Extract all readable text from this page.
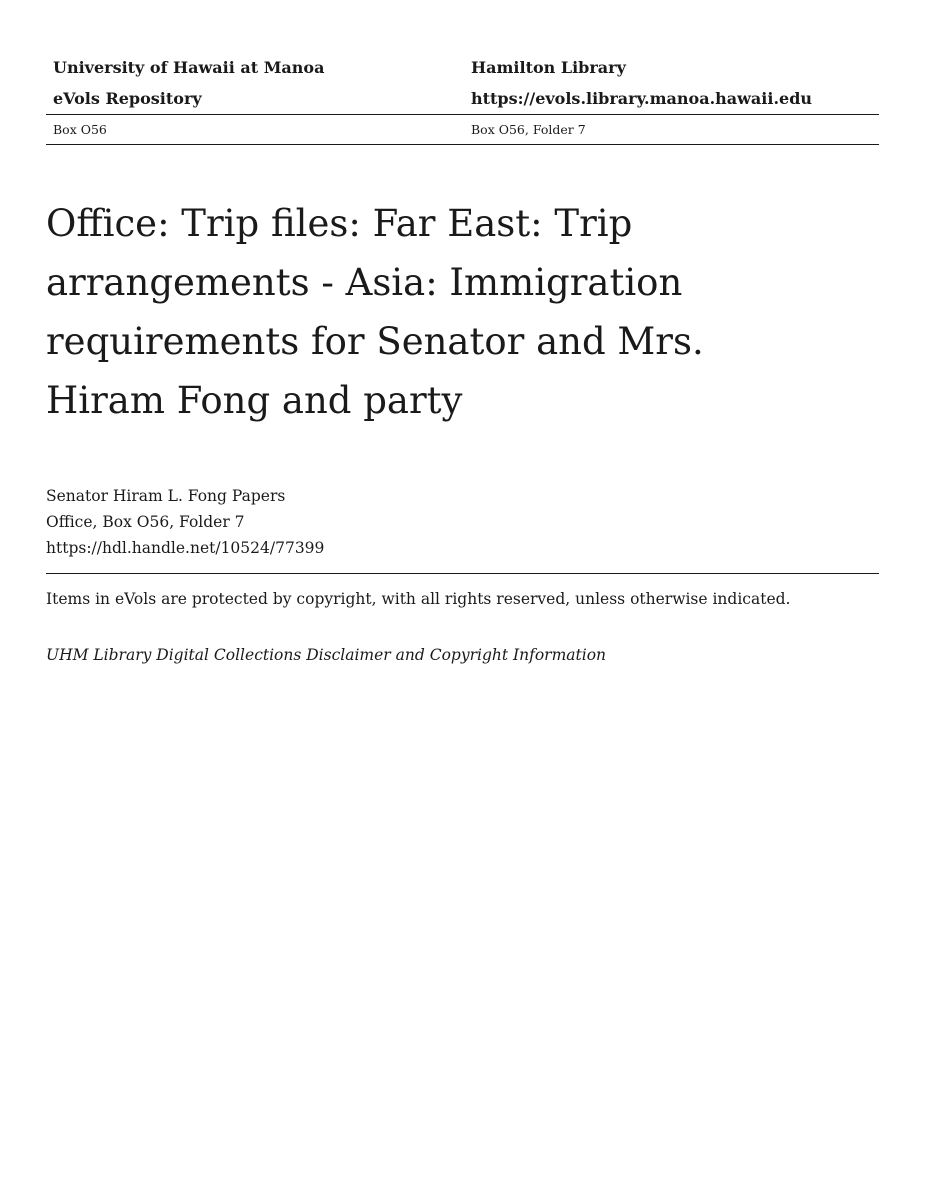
University of Hawaii at Manoa	Hamilton Library
eVols Repository	https://evols.library.manoa.hawaii.edu
Box O56	Box O56, Folder 7
Office: Trip files: Far East: Trip arrangements - Asia: Immigration requirements for Senator and Mrs. Hiram Fong and party
Senator Hiram L. Fong Papers
Office, Box O56, Folder 7
https://hdl.handle.net/10524/77399
Items in eVols are protected by copyright, with all rights reserved, unless otherwise indicated.
UHM Library Digital Collections Disclaimer and Copyright Information
